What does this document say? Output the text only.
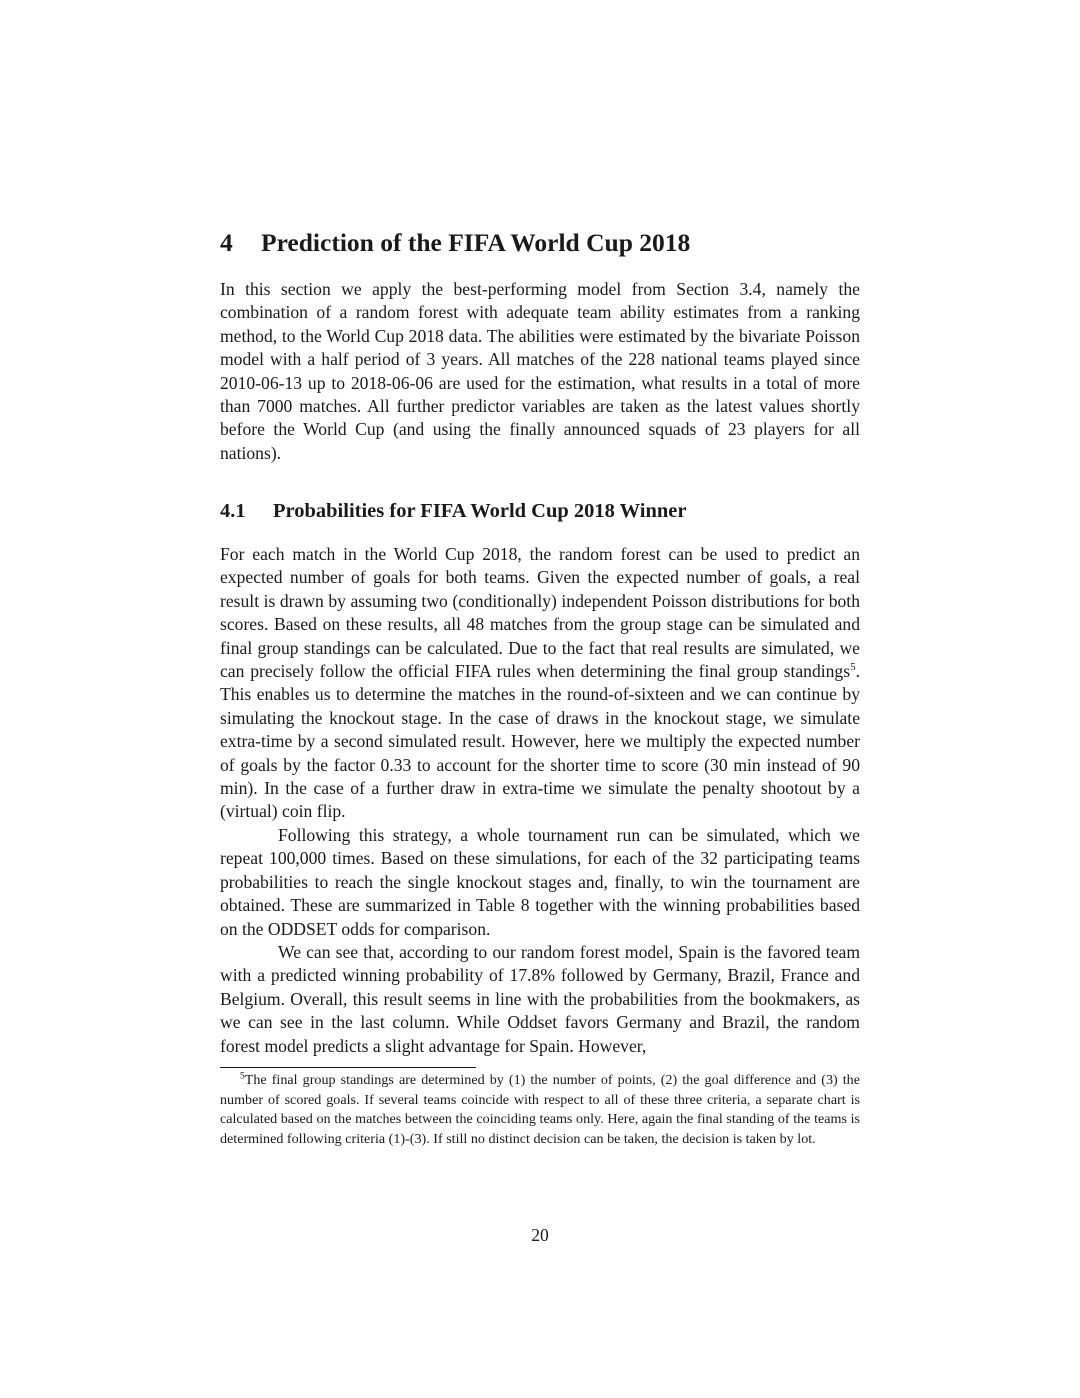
4 Prediction of the FIFA World Cup 2018

In this section we apply the best-performing model from Section 3.4, namely the combination of a random forest with adequate team ability estimates from a ranking method, to the World Cup 2018 data. The abilities were estimated by the bivariate Poisson model with a half period of 3 years. All matches of the 228 national teams played since 2010-06-13 up to 2018-06-06 are used for the estimation, what results in a total of more than 7000 matches. All further predictor variables are taken as the latest values shortly before the World Cup (and using the finally announced squads of 23 players for all nations).

4.1 Probabilities for FIFA World Cup 2018 Winner

For each match in the World Cup 2018, the random forest can be used to predict an expected number of goals for both teams. Given the expected number of goals, a real result is drawn by assuming two (conditionally) independent Poisson distributions for both scores. Based on these results, all 48 matches from the group stage can be simulated and final group standings can be calculated. Due to the fact that real results are simulated, we can precisely follow the official FIFA rules when determining the final group standings$^5$. This enables us to determine the matches in the round-of-sixteen and we can continue by simulating the knockout stage. In the case of draws in the knockout stage, we simulate extra-time by a second simulated result. However, here we multiply the expected number of goals by the factor 0.33 to account for the shorter time to score (30 min instead of 90 min). In the case of a further draw in extra-time we simulate the penalty shootout by a (virtual) coin flip.

Following this strategy, a whole tournament run can be simulated, which we repeat 100,000 times. Based on these simulations, for each of the 32 participating teams probabilities to reach the single knockout stages and, finally, to win the tournament are obtained. These are summarized in Table 8 together with the winning probabilities based on the ODDSET odds for comparison.

We can see that, according to our random forest model, Spain is the favored team with a predicted winning probability of 17.8% followed by Germany, Brazil, France and Belgium. Overall, this result seems in line with the probabilities from the bookmakers, as we can see in the last column. While Oddset favors Germany and Brazil, the random forest model predicts a slight advantage for Spain. However,

$^5$The final group standings are determined by (1) the number of points, (2) the goal difference and (3) the number of scored goals. If several teams coincide with respect to all of these three criteria, a separate chart is calculated based on the matches between the coinciding teams only. Here, again the final standing of the teams is determined following criteria (1)-(3). If still no distinct decision can be taken, the decision is taken by lot.

20
